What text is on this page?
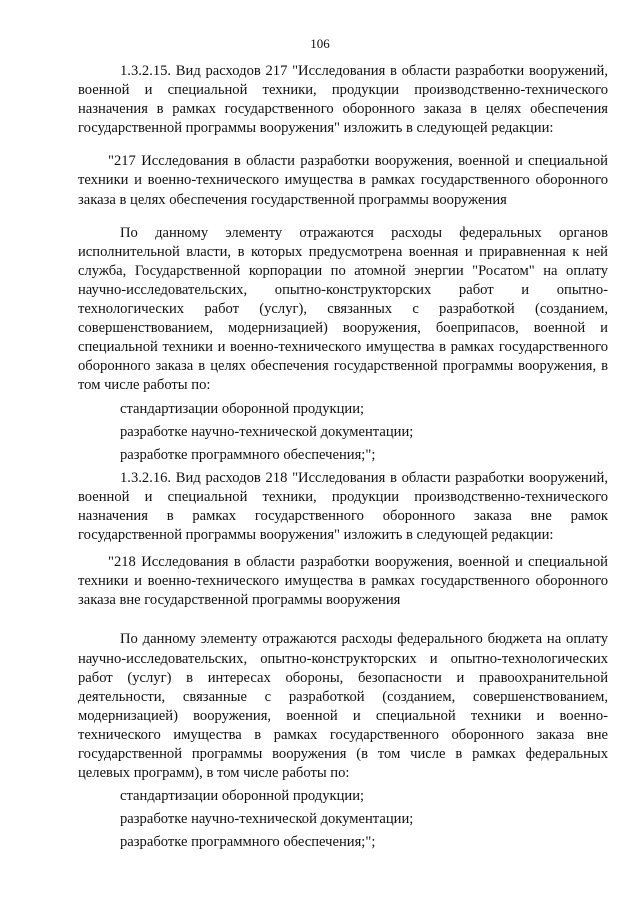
106

1.3.2.15. Вид расходов 217 "Исследования в области разработки вооружений, военной и специальной техники, продукции производственно-технического назначения в рамках государственного оборонного заказа в целях обеспечения государственной программы вооружения" изложить в следующей редакции:

"217 Исследования в области разработки вооружения, военной и специальной техники и военно-технического имущества в рамках государственного оборонного заказа в целях обеспечения государственной программы вооружения

По данному элементу отражаются расходы федеральных органов исполнительной власти, в которых предусмотрена военная и приравненная к ней служба, Государственной корпорации по атомной энергии "Росатом" на оплату научно-исследовательских, опытно-конструкторских работ и опытно-технологических работ (услуг), связанных с разработкой (созданием, совершенствованием, модернизацией) вооружения, боеприпасов, военной и специальной техники и военно-технического имущества в рамках государственного оборонного заказа в целях обеспечения государственной программы вооружения, в том числе работы по:

стандартизации оборонной продукции;

разработке научно-технической документации;

разработке программного обеспечения;";

1.3.2.16. Вид расходов 218 "Исследования в области разработки вооружений, военной и специальной техники, продукции производственно-технического назначения в рамках государственного оборонного заказа вне рамок государственной программы вооружения" изложить в следующей редакции:

"218 Исследования в области разработки вооружения, военной и специальной техники и военно-технического имущества в рамках государственного оборонного заказа вне государственной программы вооружения

По данному элементу отражаются расходы федерального бюджета на оплату научно-исследовательских, опытно-конструкторских и опытно-технологических работ (услуг) в интересах обороны, безопасности и правоохранительной деятельности, связанные с разработкой (созданием, совершенствованием, модернизацией) вооружения, военной и специальной техники и военно-технического имущества в рамках государственного оборонного заказа вне государственной программы вооружения (в том числе в рамках федеральных целевых программ), в том числе работы по:

стандартизации оборонной продукции;

разработке научно-технической документации;

разработке программного обеспечения;";
